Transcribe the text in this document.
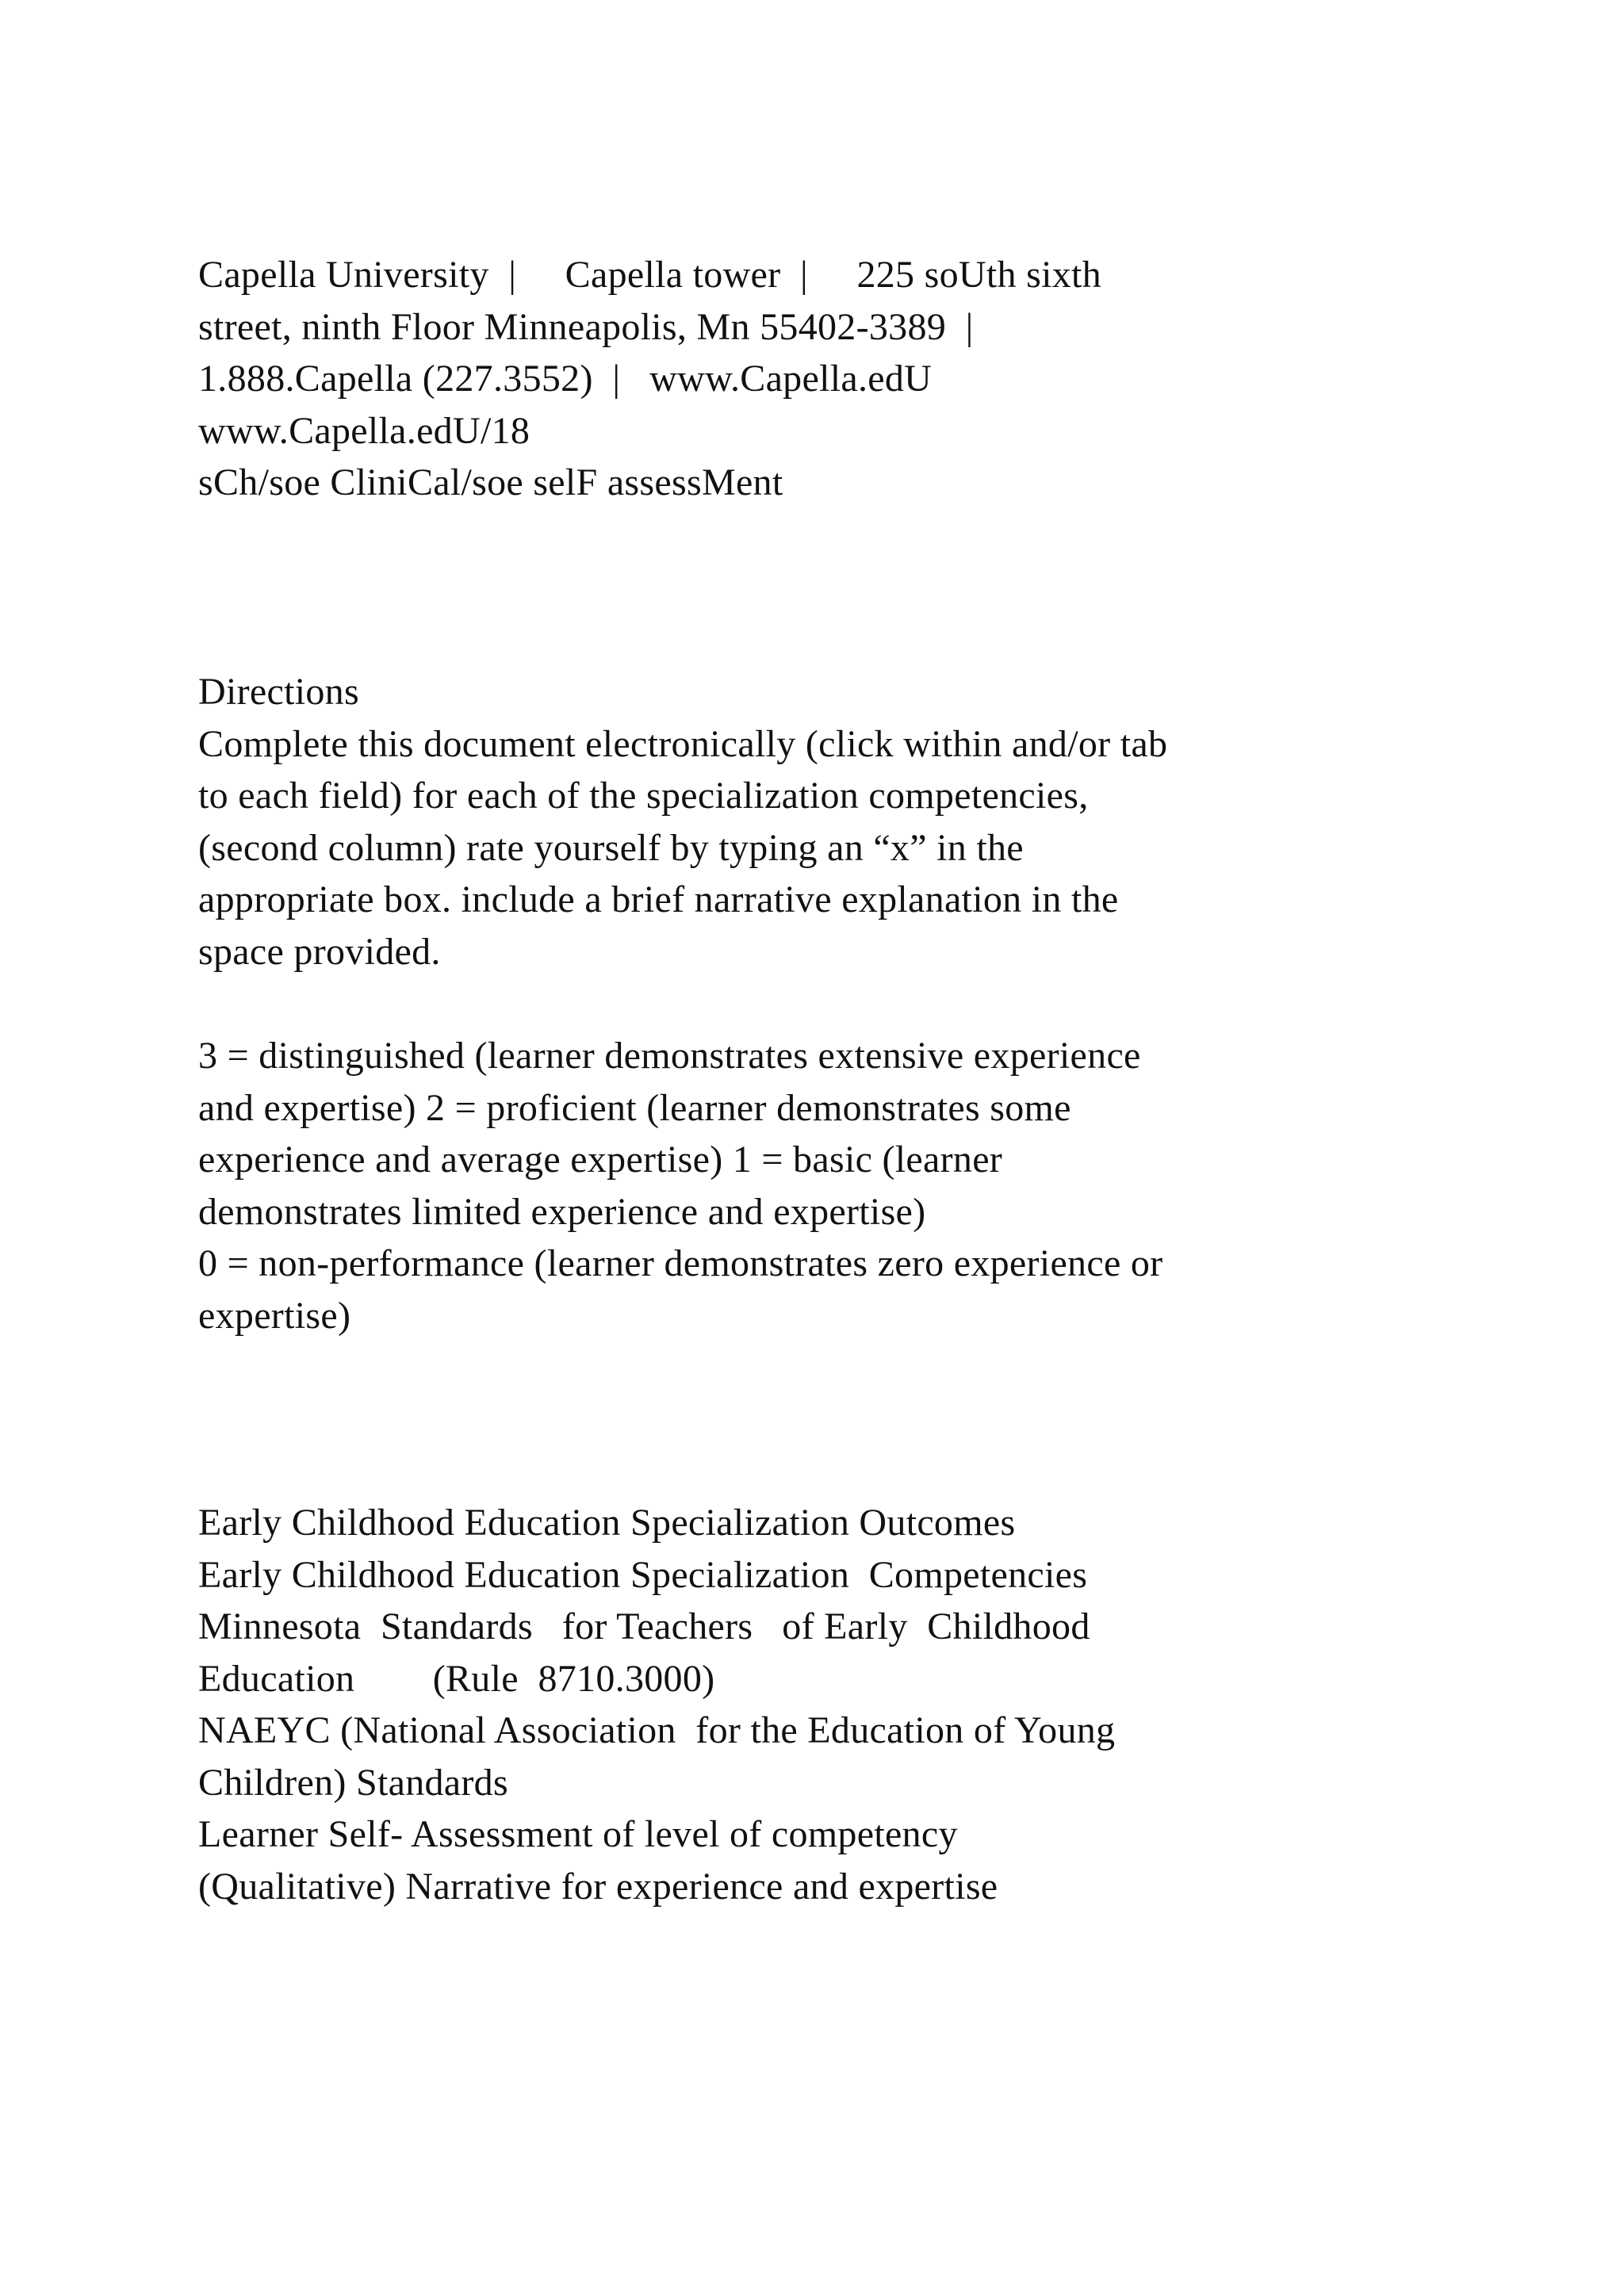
Capella University  |     Capella tower  |     225 soUth sixth
street, ninth Floor Minneapolis, Mn 55402-3389  |
1.888.Capella (227.3552)  |   www.Capella.edU
www.Capella.edU/18
sCh/soe CliniCal/soe selF assessMent
Directions
Complete this document electronically (click within and/or tab
to each field) for each of the specialization competencies,
(second column) rate yourself by typing an “x” in the
appropriate box. include a brief narrative explanation in the
space provided.
3 = distinguished (learner demonstrates extensive experience
and expertise) 2 = proficient (learner demonstrates some
experience and average expertise) 1 = basic (learner
demonstrates limited experience and expertise)
0 = non-performance (learner demonstrates zero experience or
expertise)
Early Childhood Education Specialization Outcomes
Early Childhood Education Specialization  Competencies
Minnesota  Standards   for Teachers   of Early  Childhood
Education        (Rule  8710.3000)
NAEYC (National Association  for the Education of Young
Children) Standards
Learner Self- Assessment of level of competency
(Qualitative) Narrative for experience and expertise
